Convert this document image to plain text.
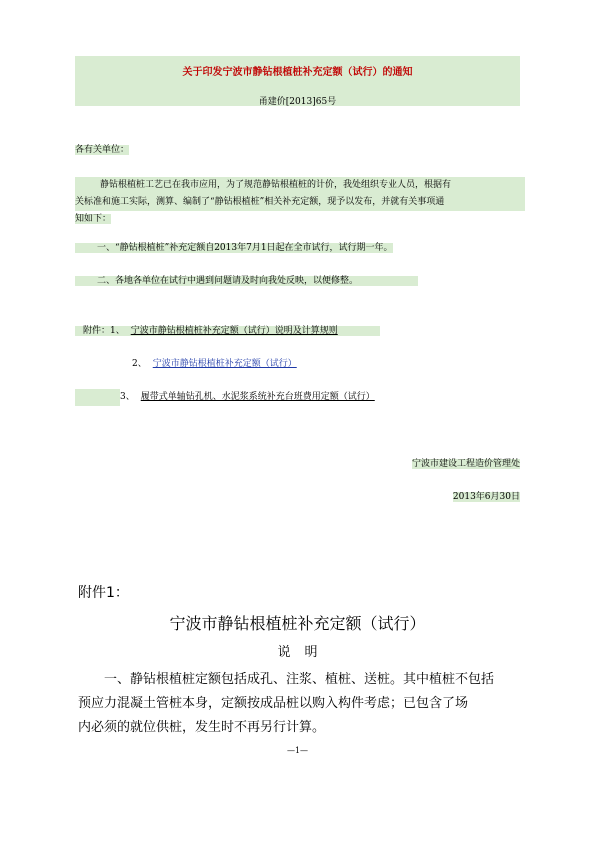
关于印发宁波市静钻根植桩补充定额（试行）的通知
甬建价[2013]65号
各有关单位：
静钻根植桩工艺已在我市应用，为了规范静钻根植桩的计价，我处组织专业人员，根据有
关标准和施工实际，测算、编制了“静钻根植桩”相关补充定额，现予以发布，并就有关事项通
知如下：
一、“静钻根植桩”补充定额自2013年7月1日起在全市试行，试行期一年。
二、各地各单位在试行中遇到问题请及时向我处反映，以便修整。
附件：1、 宁波市静钻根植桩补充定额（试行）说明及计算规则
2、 宁波市静钻根植桩补充定额（试行）
3、 履带式单轴钻孔机、水泥浆系统补充台班费用定额（试行）
宁波市建设工程造价管理处
2013年6月30日
附件1：
宁波市静钻根植桩补充定额（试行）
说明
一、静钻根植桩定额包括成孔、注浆、植桩、送桩。其中植桩不包括
预应力混凝土管桩本身，定额按成品桩以购入构件考虑；已包含了场
内必须的就位供桩，发生时不再另行计算。
—1—
